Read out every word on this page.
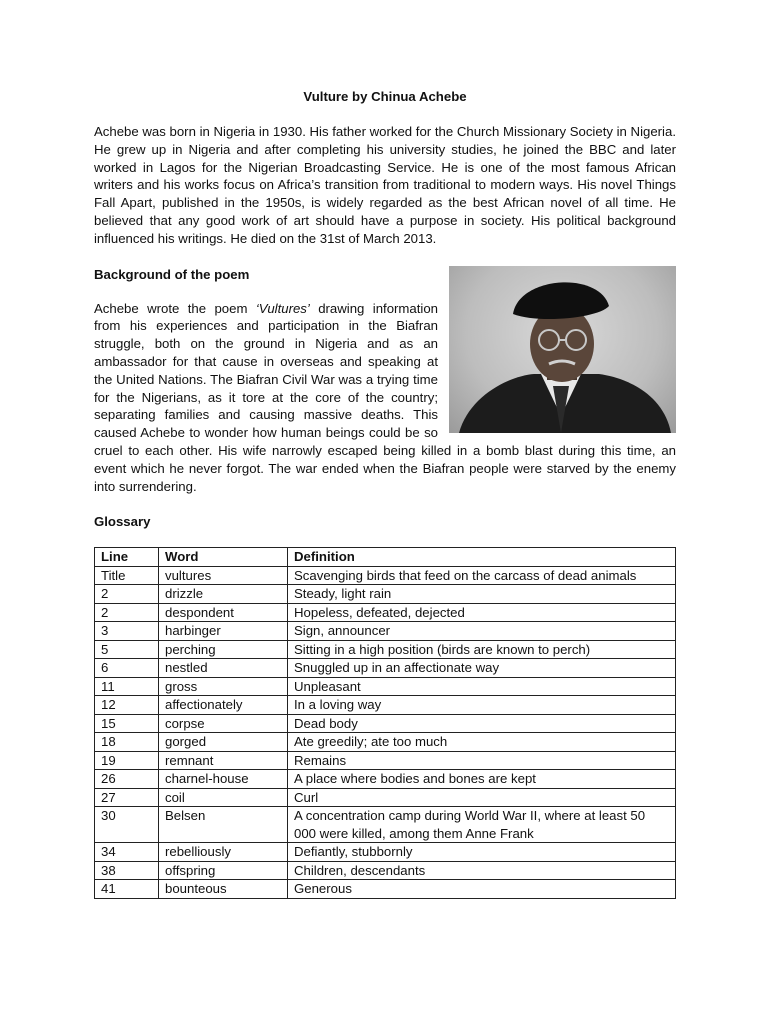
Vulture by Chinua Achebe

Achebe was born in Nigeria in 1930. His father worked for the Church Missionary Society in Nigeria. He grew up in Nigeria and after completing his university studies, he joined the BBC and later worked in Lagos for the Nigerian Broadcasting Service. He is one of the most famous African writers and his works focus on Africa’s transition from traditional to modern ways. His novel Things Fall Apart, published in the 1950s, is widely regarded as the best African novel of all time. He believed that any good work of art should have a purpose in society. His political background influenced his writings. He died on the 31st of March 2013.

Background of the poem

Achebe wrote the poem ‘Vultures’ drawing information from his experiences and participation in the Biafran struggle, both on the ground in Nigeria and as an ambassador for that cause in overseas and speaking at the United Nations. The Biafran Civil War was a trying time for the Nigerians, as it tore at the core of the country; separating families and causing massive deaths. This caused Achebe to wonder how human beings could be so cruel to each other. His wife narrowly escaped being killed in a bomb blast during this time, an event which he never forgot. The war ended when the Biafran people were starved by the enemy into surrendering.

Glossary

Line	Word	Definition
Title	vultures	Scavenging birds that feed on the carcass of dead animals
2	drizzle	Steady, light rain
2	despondent	Hopeless, defeated, dejected
3	harbinger	Sign, announcer
5	perching	Sitting in a high position (birds are known to perch)
6	nestled	Snuggled up in an affectionate way
11	gross	Unpleasant
12	affectionately	In a loving way
15	corpse	Dead body
18	gorged	Ate greedily; ate too much
19	remnant	Remains
26	charnel-house	A place where bodies and bones are kept
27	coil	Curl
30	Belsen	A concentration camp during World War II, where at least 50 000 were killed, among them Anne Frank
34	rebelliously	Defiantly, stubbornly
38	offspring	Children, descendants
41	bounteous	Generous
